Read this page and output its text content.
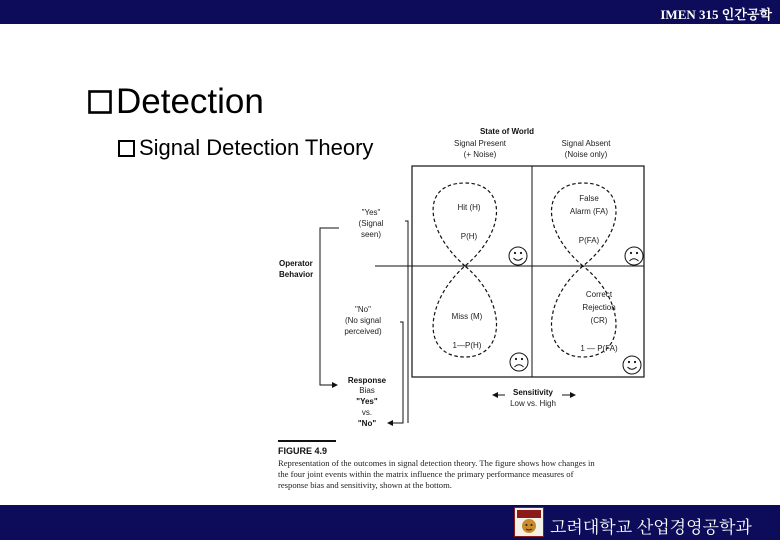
IMEN 315 인간공학
Detection
Signal Detection Theory
State of World
Signal Present
(+ Noise)
Signal Absent
(Noise only)
Hit (H)
P(H)
False
Alarm (FA)
P(FA)
Miss (M)
1—P(H)
Correct
Rejection
(CR)
1 — P(FA)
Operator
Behavior
"Yes"
(Signal
seen)
"No"
(No signal
perceived)
Response
Bias
"Yes"
vs.
"No"
Sensitivity
Low vs. High
FIGURE 4.9
Representation of the outcomes in signal detection theory. The figure shows how changes in
the four joint events within the matrix influence the primary performance measures of
response bias and sensitivity, shown at the bottom.
고려대학교 산업경영공학과
